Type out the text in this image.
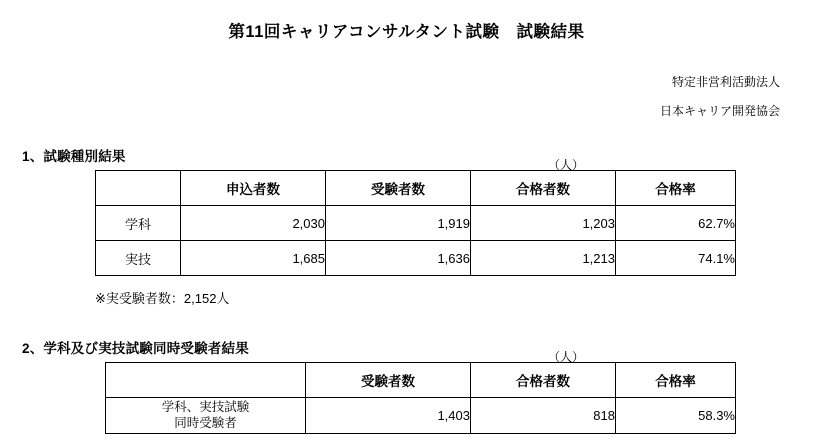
第11回キャリアコンサルタント試験　試験結果
特定非営利活動法人
日本キャリア開発協会
1、試験種別結果
（人）
	申込者数	受験者数	合格者数	合格率
学科	2,030	1,919	1,203	62.7%
実技	1,685	1,636	1,213	74.1%
※実受験者数：2,152人
2、学科及び実技試験同時受験者結果
（人）
	受験者数	合格者数	合格率

学科、実技試験
同時受験者	1,403	818	58.3%
